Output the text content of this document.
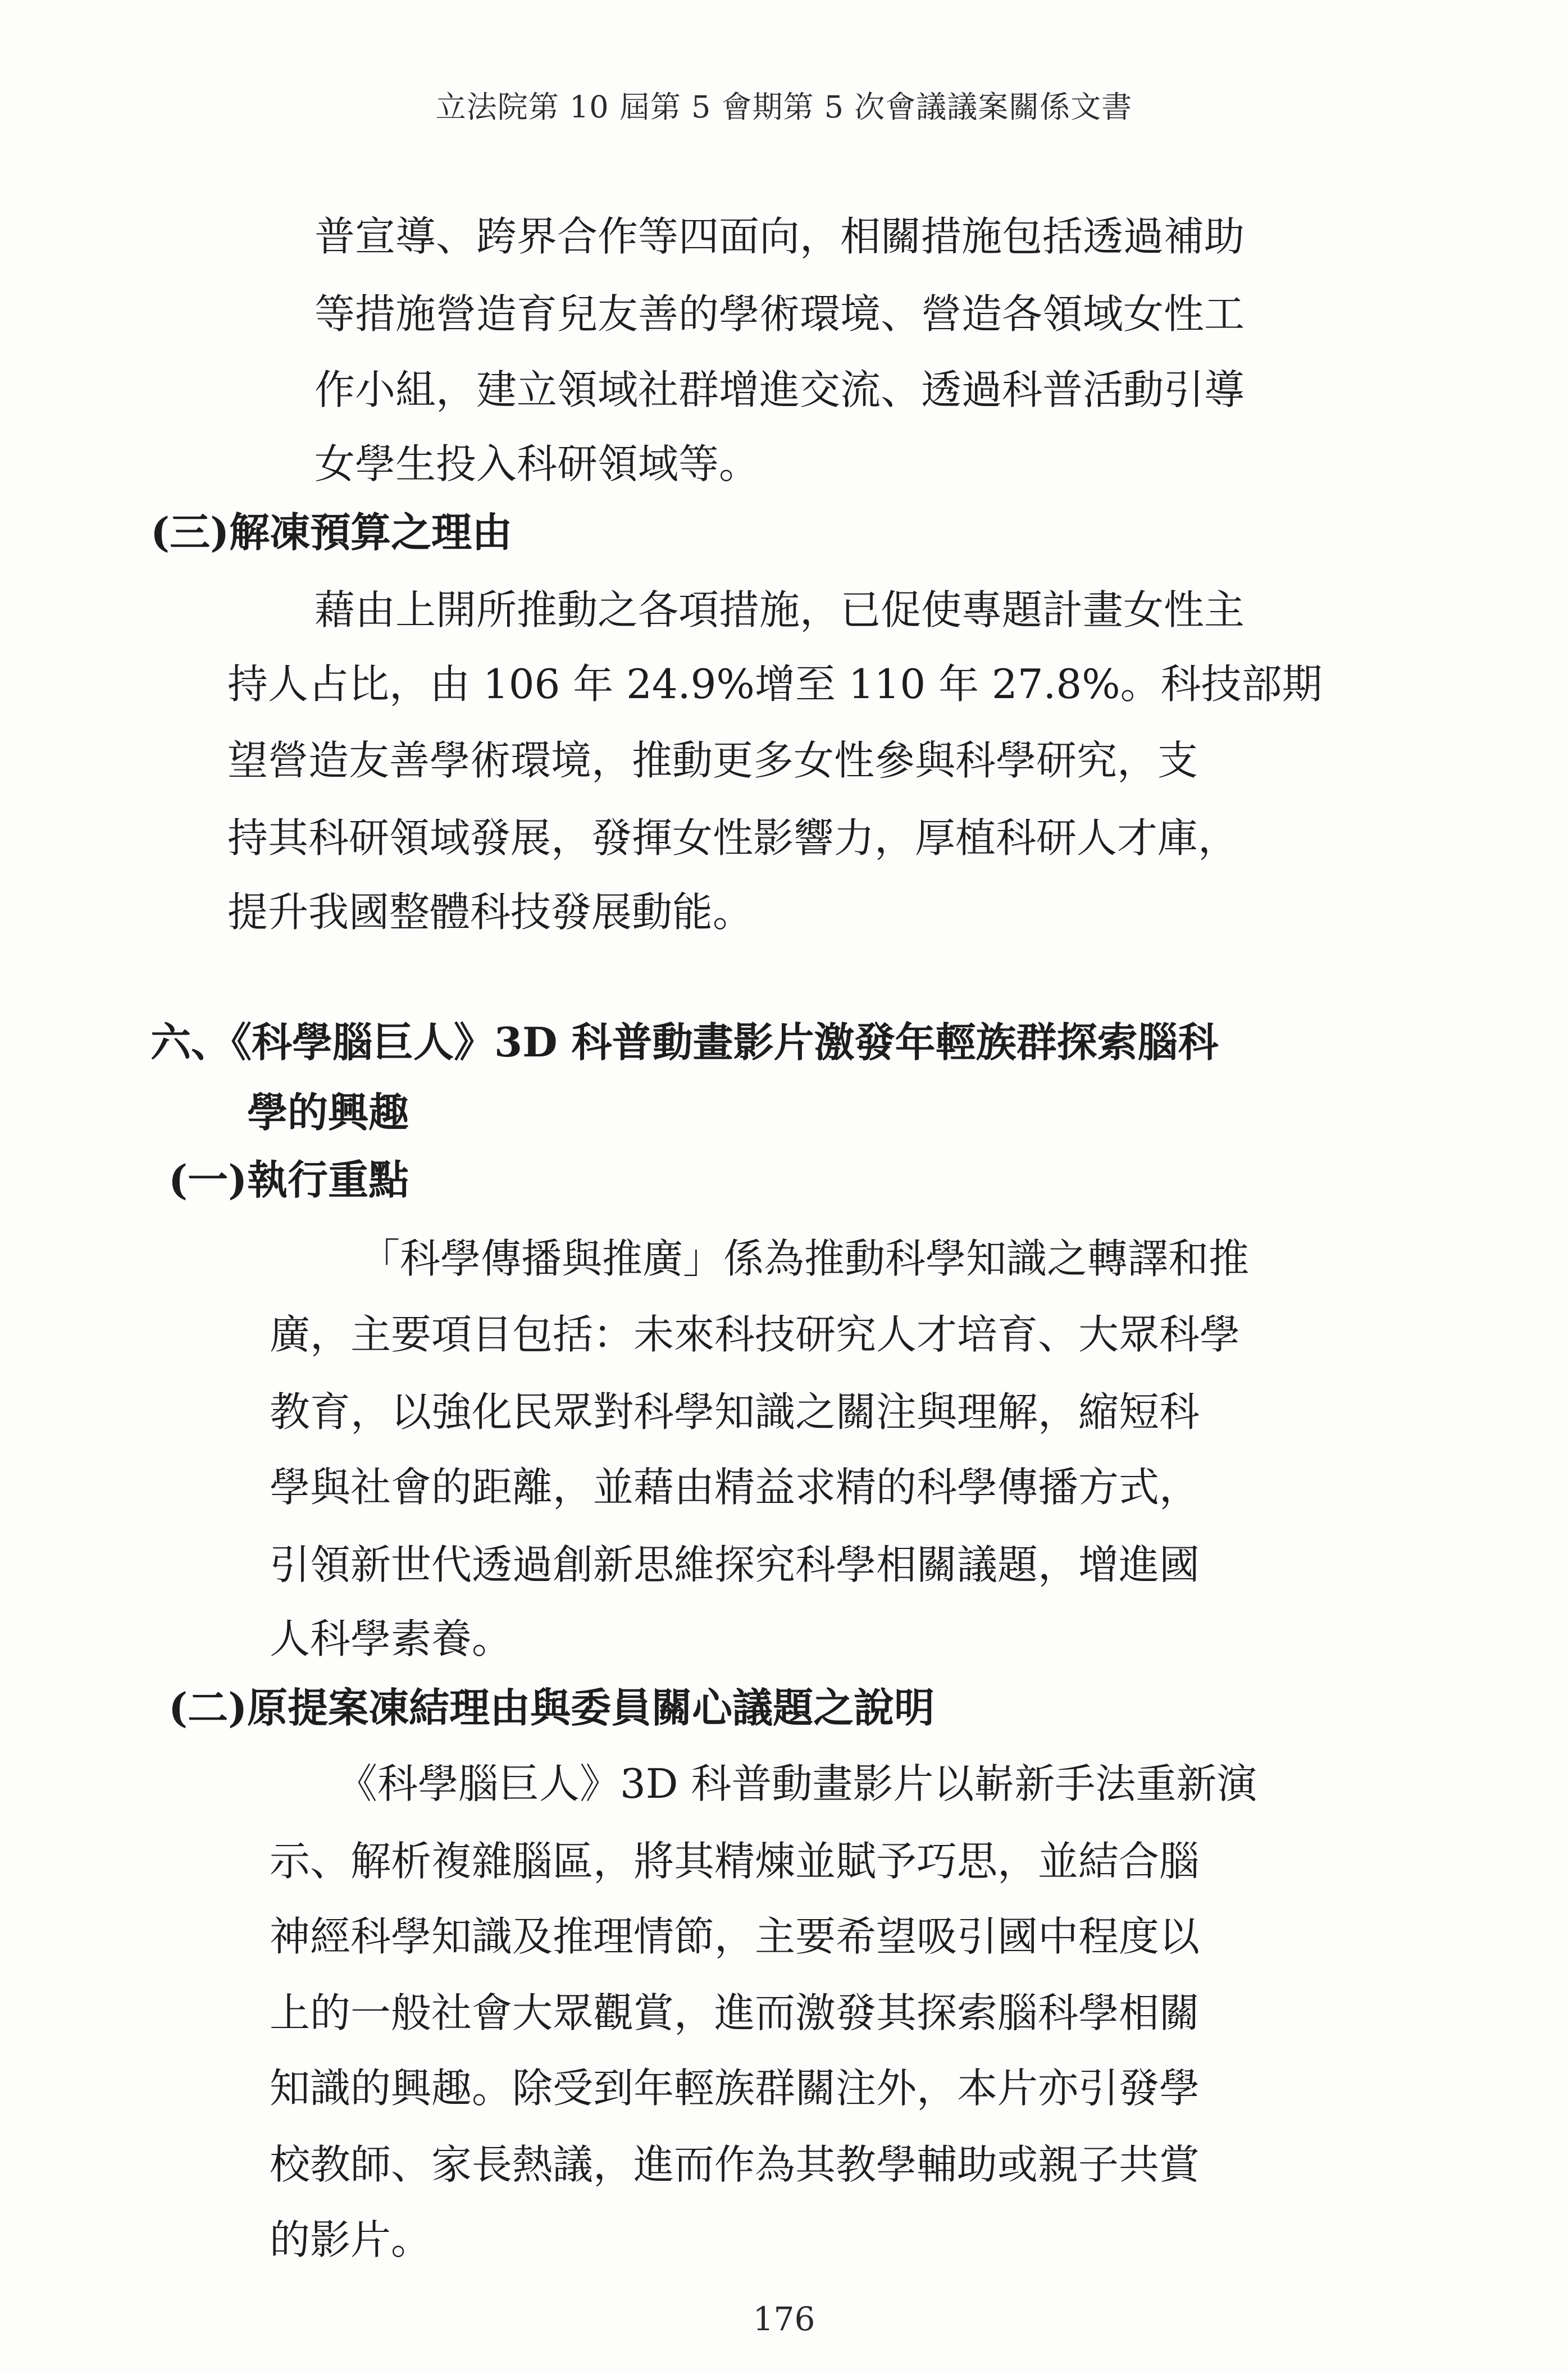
立法院第 10 屆第 5 會期第 5 次會議議案關係文書
普宣導、跨界合作等四面向，相關措施包括透過補助
等措施營造育兒友善的學術環境、營造各領域女性工
作小組，建立領域社群增進交流、透過科普活動引導
女學生投入科研領域等。
(三)解凍預算之理由
藉由上開所推動之各項措施，已促使專題計畫女性主
持人占比，由 106 年 24.9%增至 110 年 27.8%。科技部期
望營造友善學術環境，推動更多女性參與科學研究，支
持其科研領域發展，發揮女性影響力，厚植科研人才庫，
提升我國整體科技發展動能。
六、《科學腦巨人》3D 科普動畫影片激發年輕族群探索腦科
學的興趣
(一)執行重點
「科學傳播與推廣」係為推動科學知識之轉譯和推
廣，主要項目包括：未來科技研究人才培育、大眾科學
教育，以強化民眾對科學知識之關注與理解，縮短科
學與社會的距離，並藉由精益求精的科學傳播方式，
引領新世代透過創新思維探究科學相關議題，增進國
人科學素養。
(二)原提案凍結理由與委員關心議題之說明
《科學腦巨人》3D 科普動畫影片以嶄新手法重新演
示、解析複雜腦區，將其精煉並賦予巧思，並結合腦
神經科學知識及推理情節，主要希望吸引國中程度以
上的一般社會大眾觀賞，進而激發其探索腦科學相關
知識的興趣。除受到年輕族群關注外，本片亦引發學
校教師、家長熱議，進而作為其教學輔助或親子共賞
的影片。
176
